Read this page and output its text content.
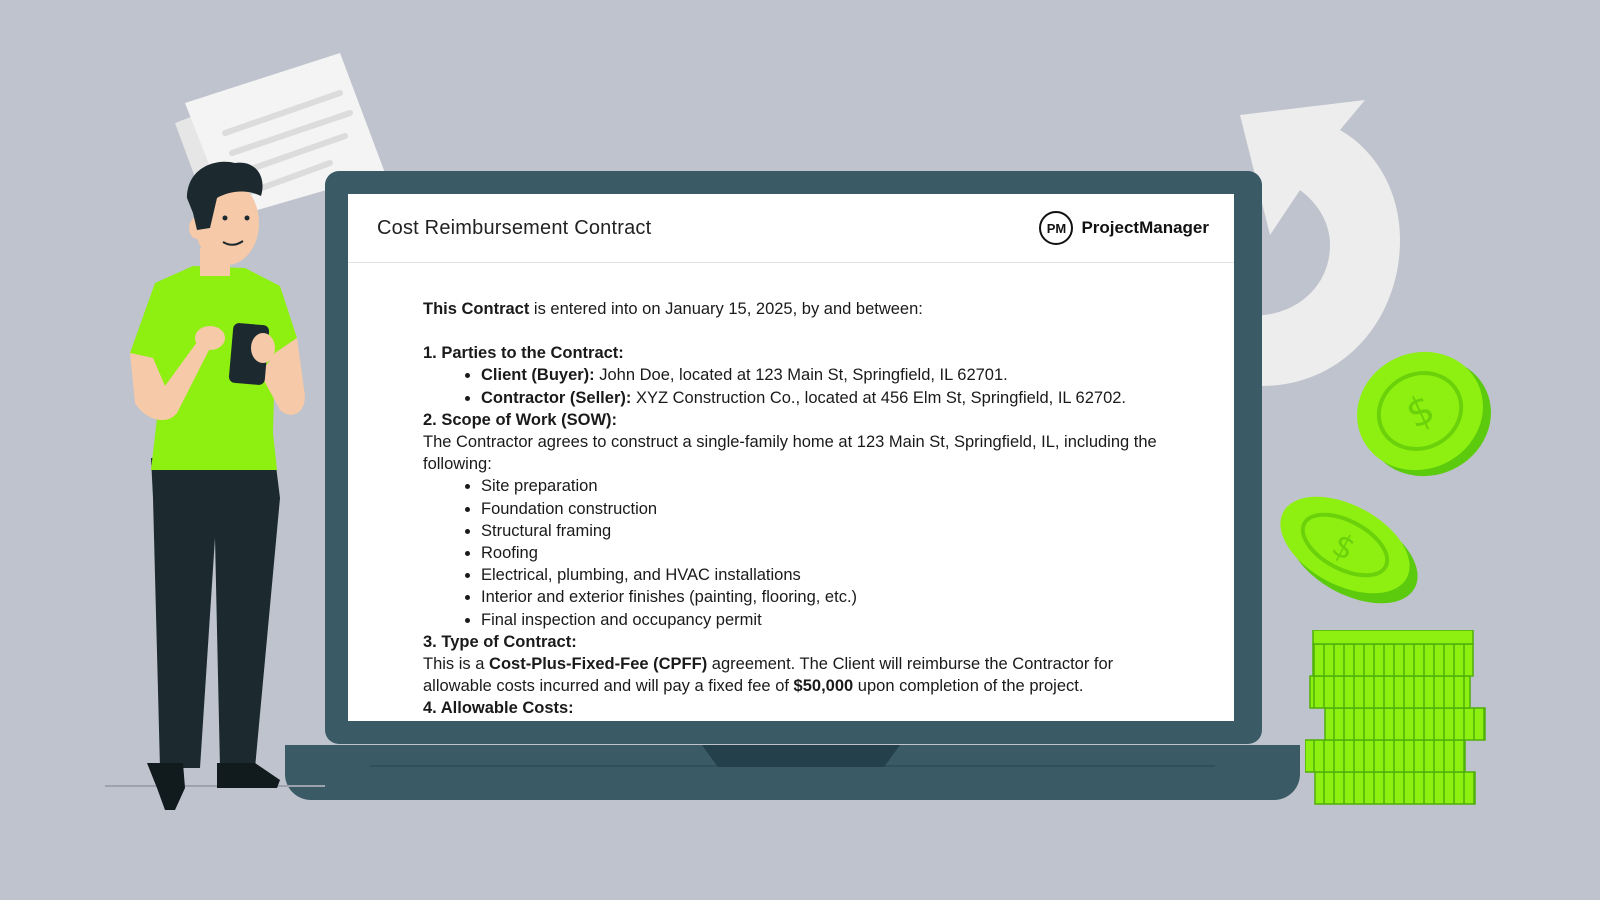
Cost Reimbursement Contract	PM ProjectManager

This Contract is entered into on January 15, 2025, by and between:

1. Parties to the Contract:

• Client (Buyer): John Doe, located at 123 Main St, Springfield, IL 62701.
• Contractor (Seller): XYZ Construction Co., located at 456 Elm St, Springfield, IL 62702.

2. Scope of Work (SOW):

The Contractor agrees to construct a single-family home at 123 Main St, Springfield, IL, including the following:

• Site preparation
• Foundation construction
• Structural framing
• Roofing
• Electrical, plumbing, and HVAC installations
• Interior and exterior finishes (painting, flooring, etc.)
• Final inspection and occupancy permit

3. Type of Contract:

This is a Cost-Plus-Fixed-Fee (CPFF) agreement. The Client will reimburse the Contractor for allowable costs incurred and will pay a fixed fee of $50,000 upon completion of the project.

4. Allowable Costs:

$
$
